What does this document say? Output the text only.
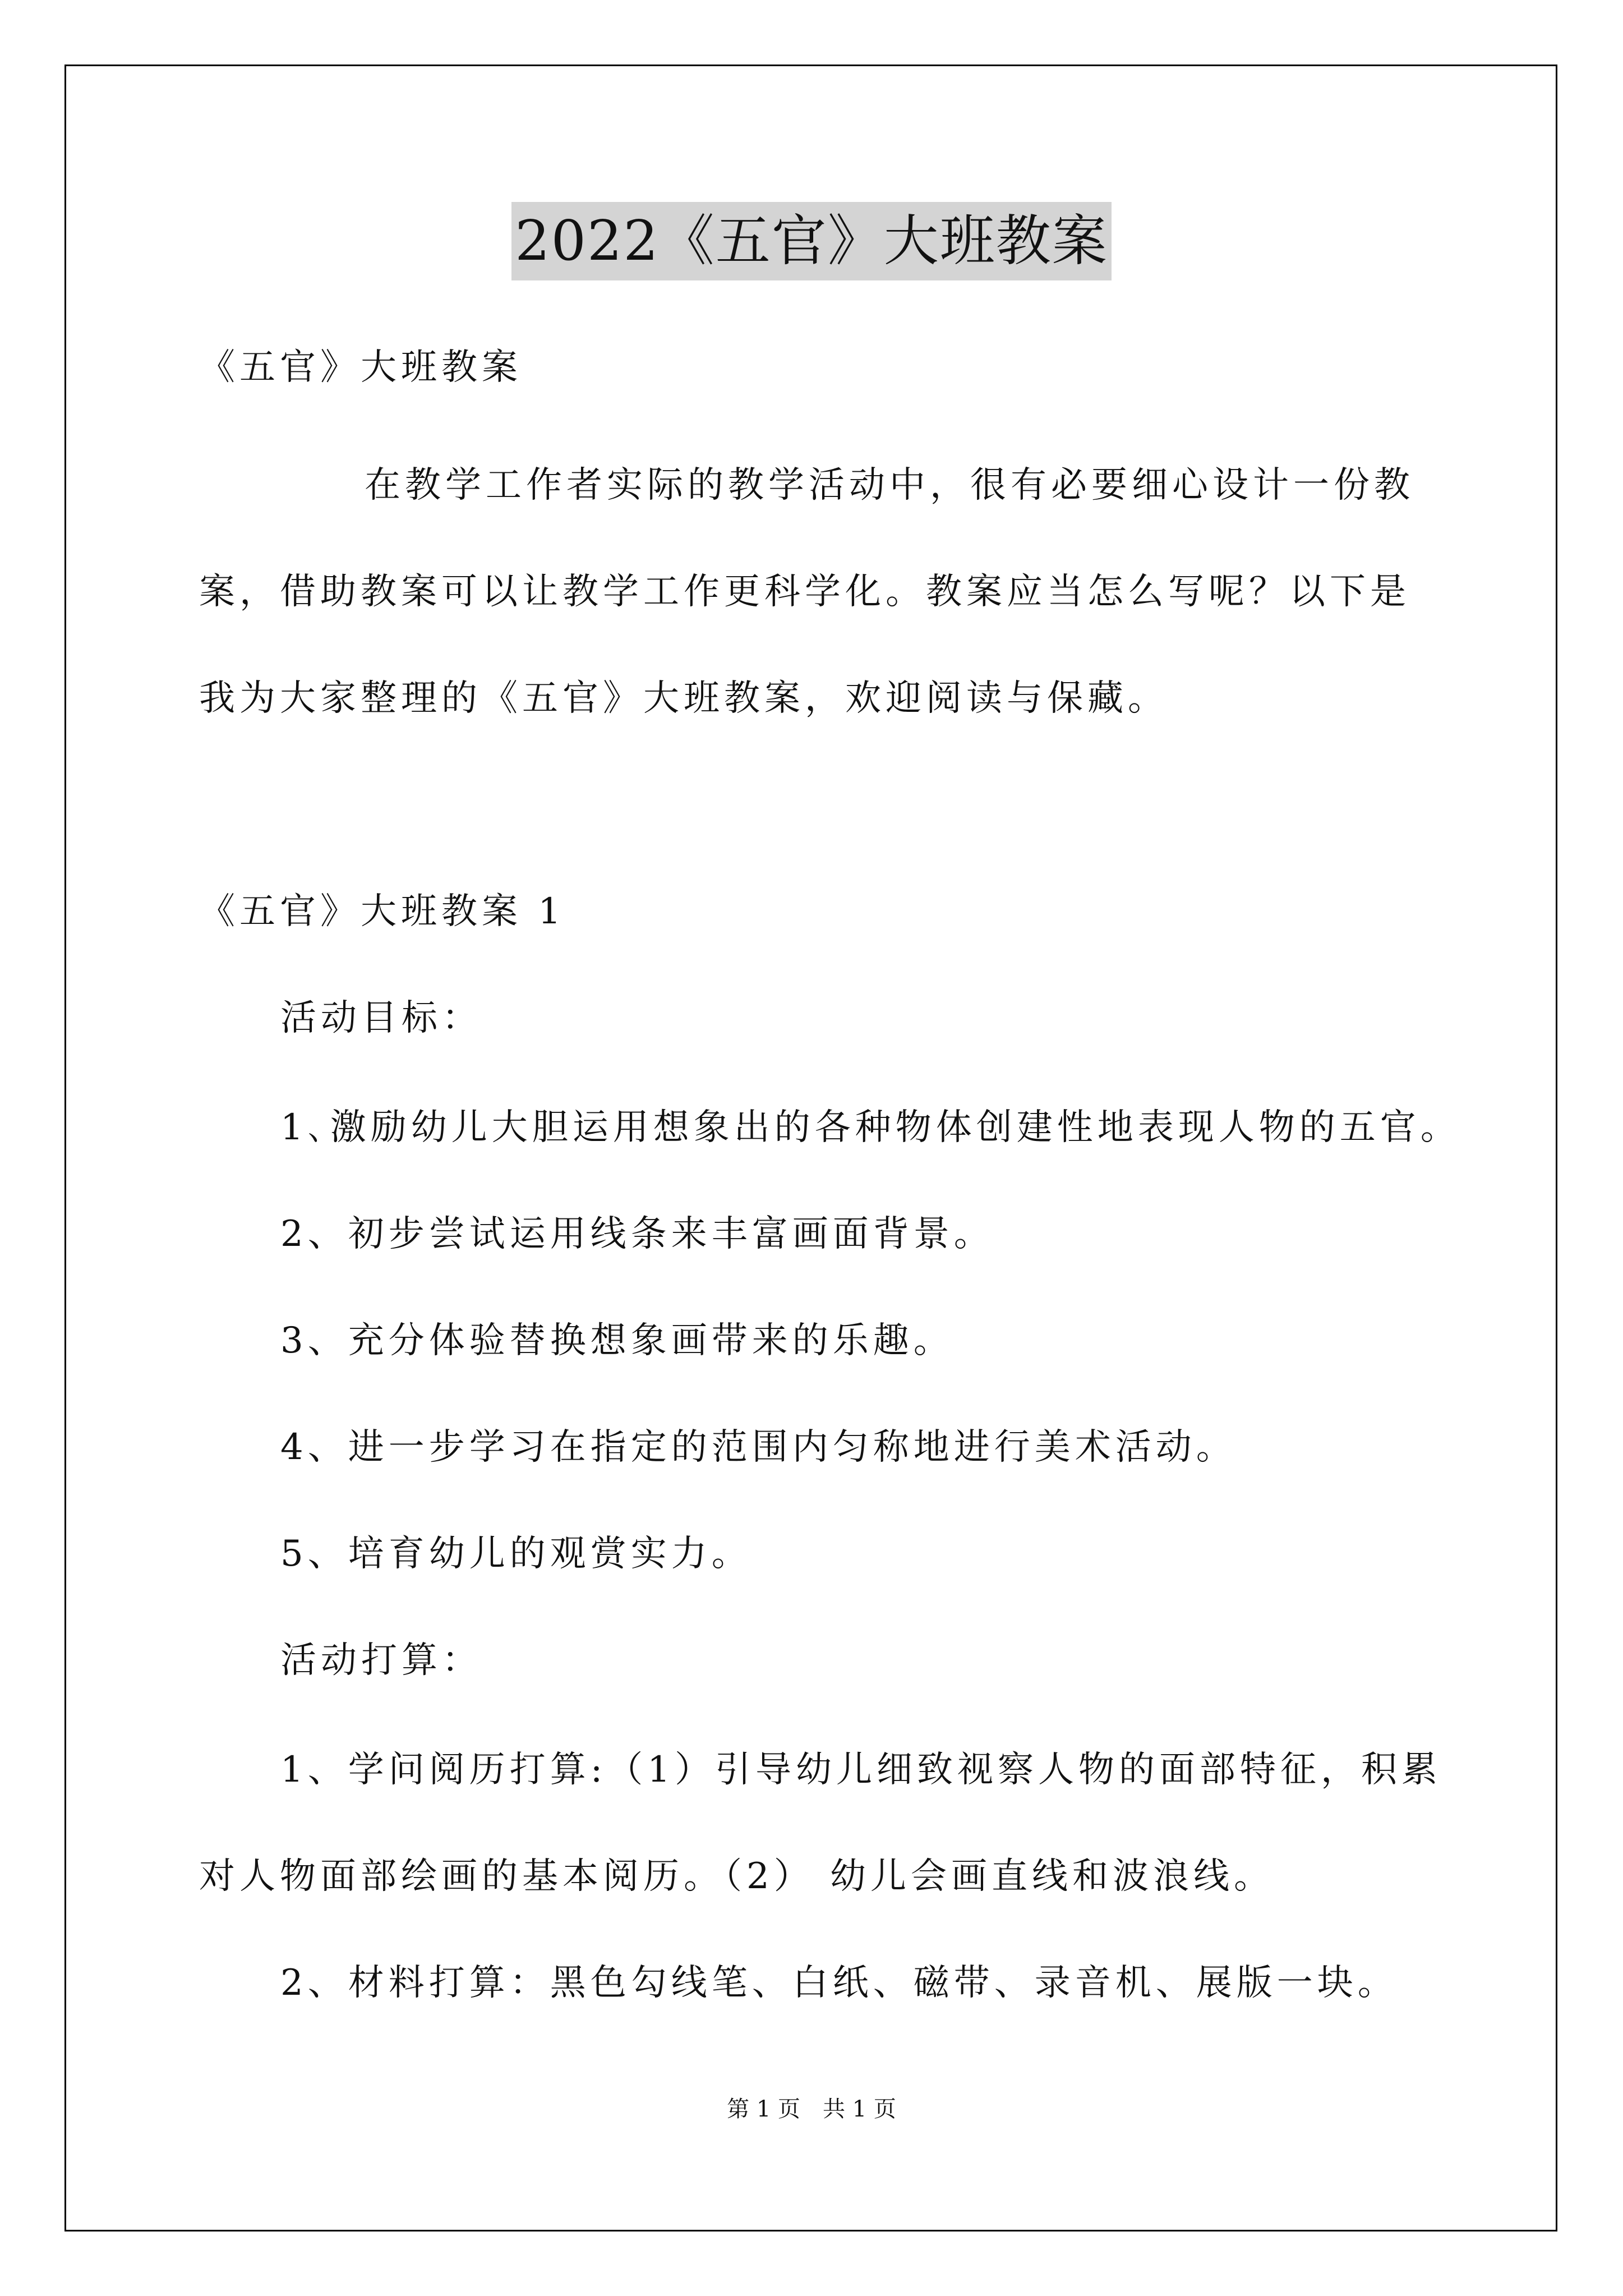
2022《五官》大班教案
《五官》大班教案
在教学工作者实际的教学活动中，很有必要细心设计一份教
案，借助教案可以让教学工作更科学化。教案应当怎么写呢？以下是
我为大家整理的《五官》大班教案，欢迎阅读与保藏。
《五官》大班教案 1
活动目标：
1､激励幼儿大胆运用想象出的各种物体创建性地表现人物的五官。
2、初步尝试运用线条来丰富画面背景。
3、充分体验替换想象画带来的乐趣。
4、进一步学习在指定的范围内匀称地进行美术活动。
5、培育幼儿的观赏实力。
活动打算：
1、学问阅历打算:（1）引导幼儿细致视察人物的面部特征，积累
对人物面部绘画的基本阅历。（2） 幼儿会画直线和波浪线。
2、材料打算：黑色勾线笔、白纸、磁带、录音机、展版一块。
第 1 页　共 1 页
